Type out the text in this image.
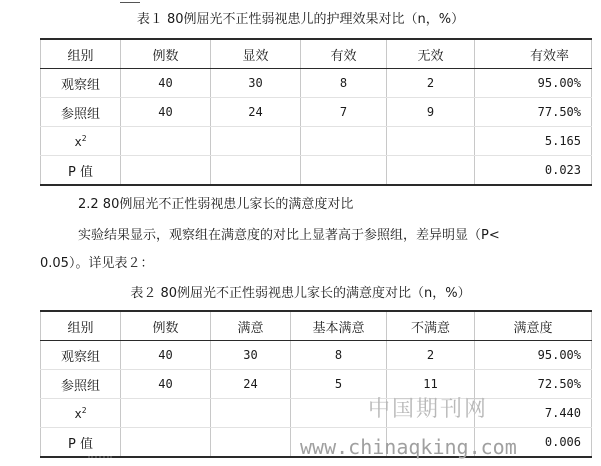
表１ 80例屈光不正性弱视患儿的护理效果对比（n，%）
组别	例数	显效	有效	无效	有效率
观察组	40	30	8	2	95.00%
参照组	40	24	7	9	77.50%
$x^2$					5.165
P 值					0.023
2.2 80例屈光不正性弱视患儿家长的满意度对比
实验结果显示，观察组在满意度的对比上显著高于参照组，差异明显（P<
0.05）。详见表２：
表２ 80例屈光不正性弱视患儿家长的满意度对比（n，%）
组别	例数	满意	基本满意	不满意	满意度
观察组	40	30	8	2	95.00%
参照组	40	24	5	11	72.50%
$x^2$					7.440
P 值					0.006
中国期刊网
www.chinaqking.com
